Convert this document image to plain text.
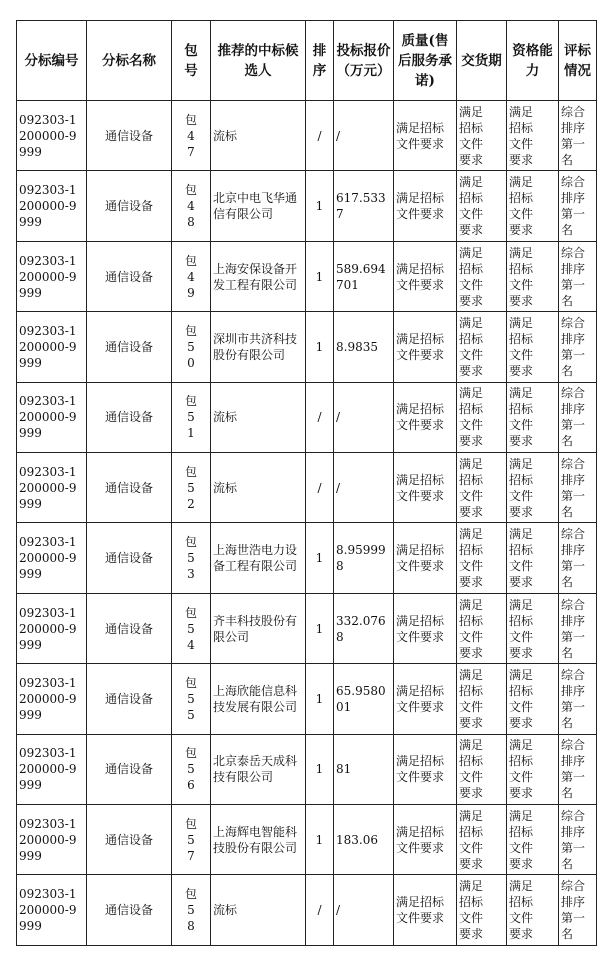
分标编号	分标名称	包号	推荐的中标候选人	排序	投标报价（万元）	质量(售后服务承诺)	交货期	资格能力	评标情况
092303-1200000-9999	通信设备	包47	流标	/	/	满足招标文件要求	满足招标文件要求	满足招标文件要求	综合排序第一名
092303-1200000-9999	通信设备	包48	北京中电飞华通信有限公司	1	617.5337	满足招标文件要求	满足招标文件要求	满足招标文件要求	综合排序第一名
092303-1200000-9999	通信设备	包49	上海安保设备开发工程有限公司	1	589.694701	满足招标文件要求	满足招标文件要求	满足招标文件要求	综合排序第一名
092303-1200000-9999	通信设备	包50	深圳市共济科技股份有限公司	1	8.9835	满足招标文件要求	满足招标文件要求	满足招标文件要求	综合排序第一名
092303-1200000-9999	通信设备	包51	流标	/	/	满足招标文件要求	满足招标文件要求	满足招标文件要求	综合排序第一名
092303-1200000-9999	通信设备	包52	流标	/	/	满足招标文件要求	满足招标文件要求	满足招标文件要求	综合排序第一名
092303-1200000-9999	通信设备	包53	上海世浩电力设备工程有限公司	1	8.959998	满足招标文件要求	满足招标文件要求	满足招标文件要求	综合排序第一名
092303-1200000-9999	通信设备	包54	齐丰科技股份有限公司	1	332.0768	满足招标文件要求	满足招标文件要求	满足招标文件要求	综合排序第一名
092303-1200000-9999	通信设备	包55	上海欣能信息科技发展有限公司	1	65.958001	满足招标文件要求	满足招标文件要求	满足招标文件要求	综合排序第一名
092303-1200000-9999	通信设备	包56	北京泰岳天成科技有限公司	1	81	满足招标文件要求	满足招标文件要求	满足招标文件要求	综合排序第一名
092303-1200000-9999	通信设备	包57	上海辉电智能科技股份有限公司	1	183.06	满足招标文件要求	满足招标文件要求	满足招标文件要求	综合排序第一名
092303-1200000-9999	通信设备	包58	流标	/	/	满足招标文件要求	满足招标文件要求	满足招标文件要求	综合排序第一名
